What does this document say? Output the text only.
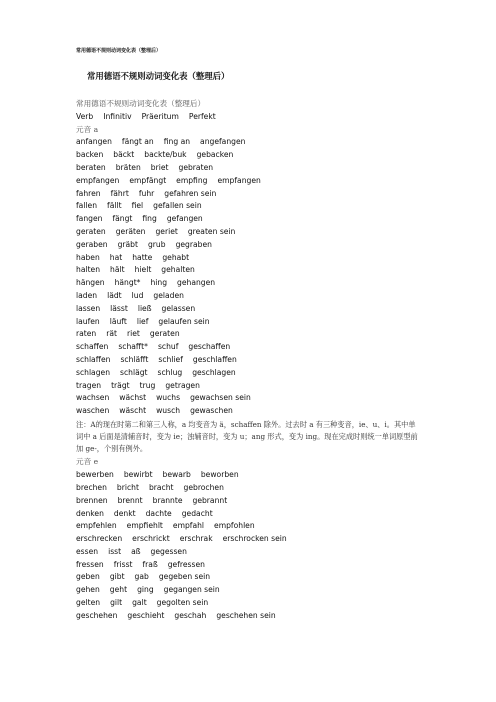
常用德语不规则动词变化表（整理后）
常用德语不规则动词变化表（整理后）
常用德语不规则动词变化表（整理后）
Verb Infinitiv Präeritum Perfekt
元音 a
anfangen fängt an fing an angefangen
backen bäckt backte/buk gebacken
beraten bräten briet gebraten
empfangen empfängt empfing empfangen
fahren fährt fuhr gefahren sein
fallen fällt fiel gefallen sein
fangen fängt fing gefangen
geraten geräten geriet greaten sein
geraben gräbt grub gegraben
haben hat hatte gehabt
halten hält hielt gehalten
hängen hängt* hing gehangen
laden lädt lud geladen
lassen lässt ließ gelassen
laufen läuft lief gelaufen sein
raten rät riet geraten
schaffen schafft* schuf geschaffen
schlaffen schläfft schlief geschlaffen
schlagen schlägt schlug geschlagen
tragen trägt trug getragen
wachsen wächst wuchs gewachsen sein
waschen wäscht wusch gewaschen
注：A的现在时第二和第三人称，a 均变音为 ä，schaffen 除外。过去时 a 有三种变音，ie、u、i。其中单词中 a 后面是清辅音时，变为 ie；浊辅音时，变为 u；ang 形式，变为 ing。现在完成时则统一单词原型前加 ge-，个别有例外。
元音 e
bewerben bewirbt bewarb beworben
brechen bricht bracht gebrochen
brennen brennt brannte gebrannt
denken denkt dachte gedacht
empfehlen empfiehlt empfahl empfohlen
erschrecken erschrickt erschrak erschrocken sein
essen isst aß gegessen
fressen frisst fraß gefressen
geben gibt gab gegeben sein
gehen geht ging gegangen sein
gelten gilt galt gegolten sein
geschehen geschieht geschah geschehen sein
